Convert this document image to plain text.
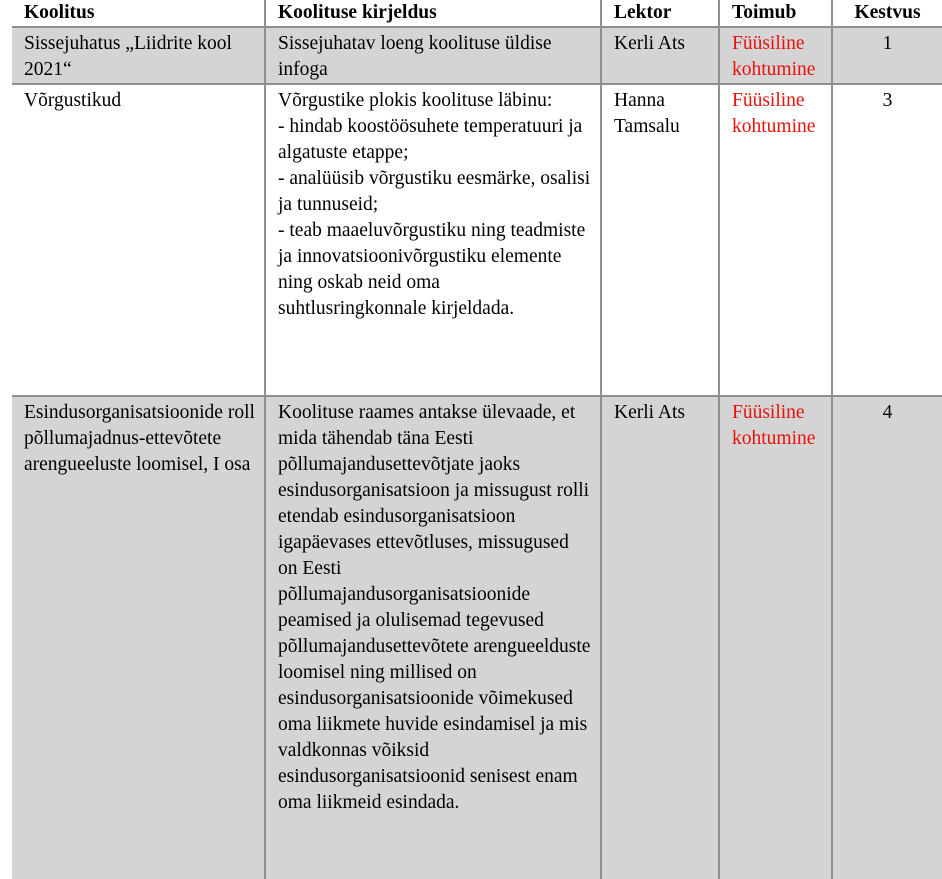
Koolitus	Koolituse kirjeldus	Lektor	Toimub	Kestvus
Sissejuhatus „Liidrite kool 2021“	Sissejuhatav loeng koolituse üldise infoga	Kerli Ats	Füüsiline kohtumine	1
Võrgustikud	Võrgustike plokis koolituse läbinu:
- hindab koostöösuhete temperatuuri ja algatuste etappe;
- analüüsib võrgustiku eesmärke, osalisi ja tunnuseid;
- teab maaeluvõrgustiku ning teadmiste ja innovatsioonivõrgustiku elemente ning oskab neid oma suhtlusringkonnale kirjeldada.	Hanna Tamsalu	Füüsiline kohtumine	3
Esindusorganisatsioonide roll põllumajadnus-ettevõtete arengueeluste loomisel, I osa	Koolituse raames antakse ülevaade, et mida tähendab täna Eesti põllumajandusettevõtjate jaoks esindusorganisatsioon ja missugust rolli etendab esindusorganisatsioon igapäevases ettevõtluses, missugused on Eesti põllumajandusorganisatsioonide peamised ja olulisemad tegevused põllumajandusettevõtete arengueelduste loomisel ning millised on esindusorganisatsioonide võimekused oma liikmete huvide esindamisel ja mis valdkonnas võiksid esindusorganisatsioonid senisest enam oma liikmeid esindada.	Kerli Ats	Füüsiline kohtumine	4
